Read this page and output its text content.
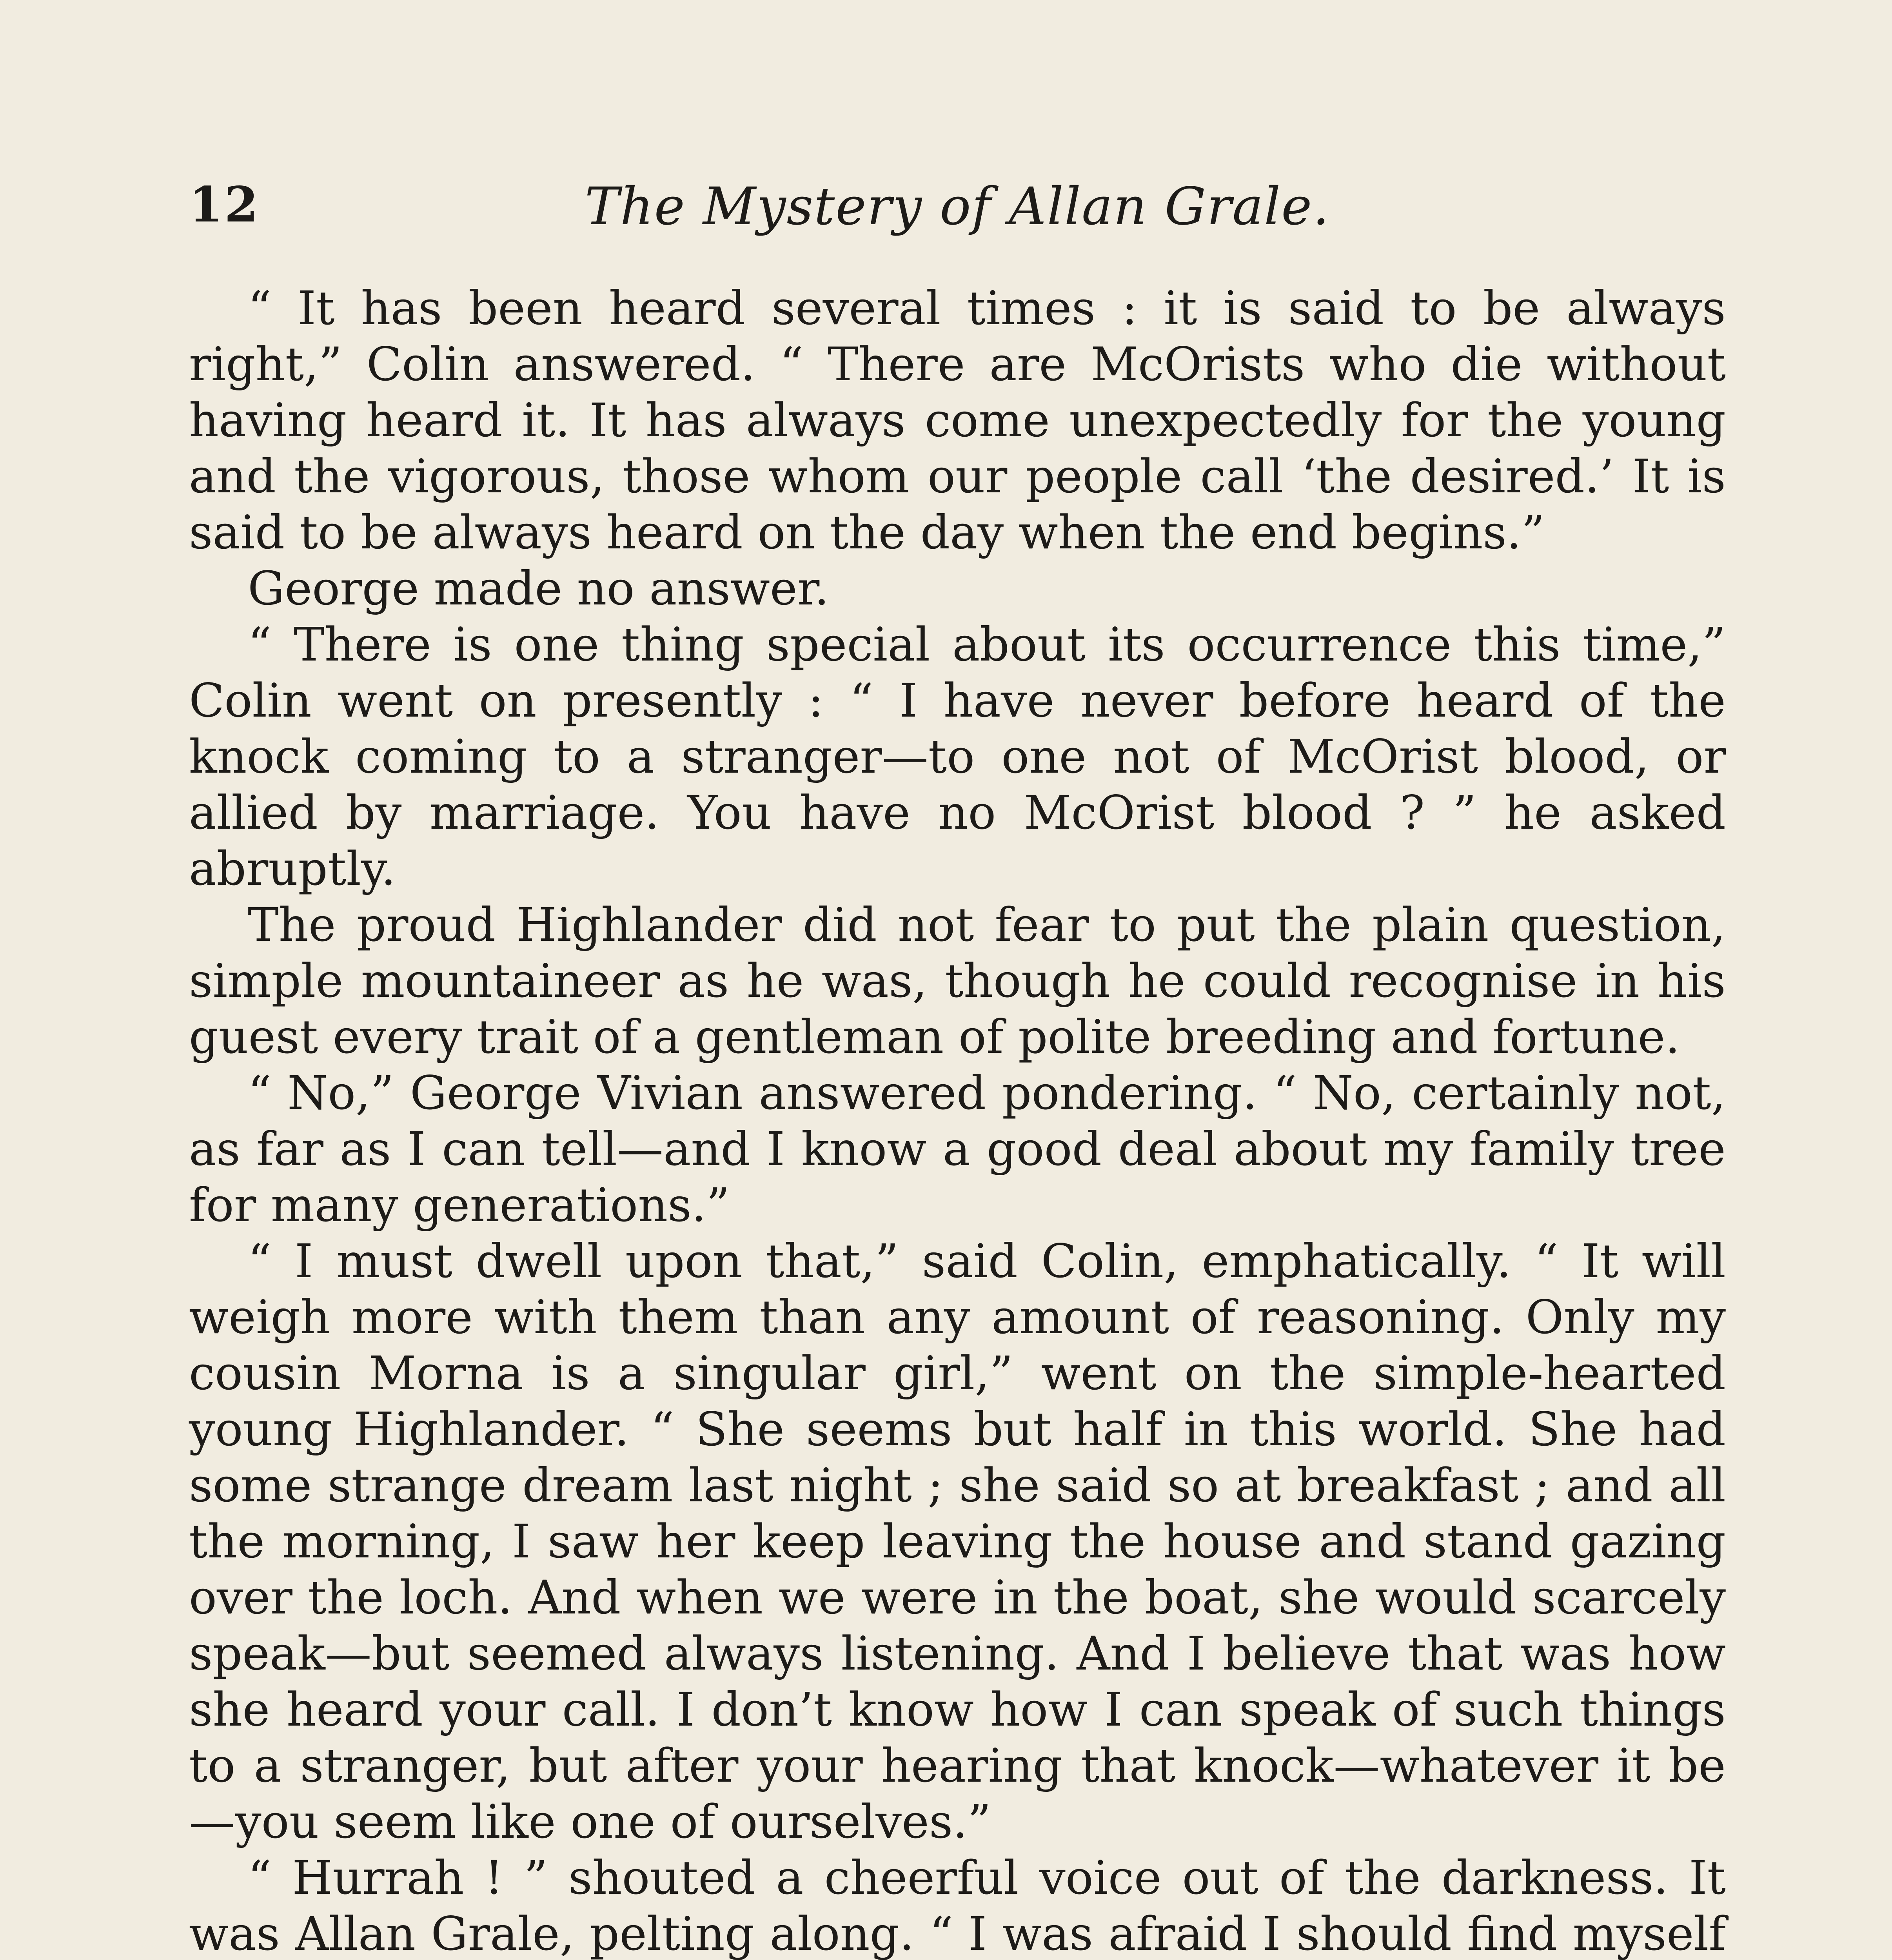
12	The Mystery of Allan Grale.

“ It has been heard several times : it is said to be always right,” Colin answered. “ There are McOrists who die without having heard it. It has always come unexpectedly for the young and the vigorous, those whom our people call ‘the desired.’ It is said to be always heard on the day when the end begins.”

George made no answer.

“ There is one thing special about its occurrence this time,” Colin went on presently : “ I have never before heard of the knock coming to a stranger—to one not of McOrist blood, or allied by marriage. You have no McOrist blood ? ” he asked abruptly.

The proud Highlander did not fear to put the plain question, simple mountaineer as he was, though he could recognise in his guest every trait of a gentleman of polite breeding and fortune.

“ No,” George Vivian answered pondering. “ No, certainly not, as far as I can tell—and I know a good deal about my family tree for many generations.”

“ I must dwell upon that,” said Colin, emphatically. “ It will weigh more with them than any amount of reasoning. Only my cousin Morna is a singular girl,” went on the simple-hearted young Highlander. “ She seems but half in this world. She had some strange dream last night ; she said so at breakfast ; and all the morning, I saw her keep leaving the house and stand gazing over the loch. And when we were in the boat, she would scarcely speak—but seemed always listening. And I believe that was how she heard your call. I don’t know how I can speak of such things to a stranger, but after your hearing that knock—whatever it be—you seem like one of ourselves.”

“ Hurrah ! ” shouted a cheerful voice out of the darkness. It was Allan Grale, pelting along. “ I was afraid I should find myself
